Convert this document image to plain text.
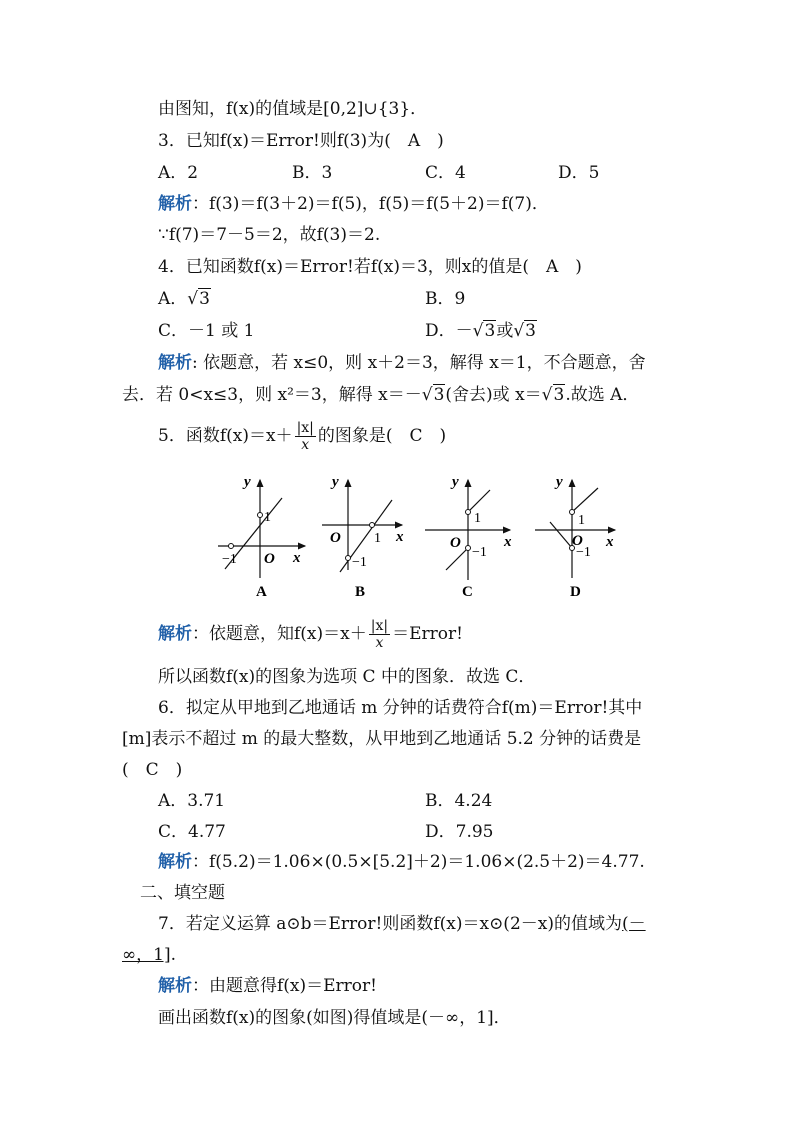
由图知，f(x)的值域是[0,2]∪{3}．
3．已知f(x)＝Error!则f(3)为(　A　)
A．2	B．3	C．4	D．5
解析：f(3)＝f(3＋2)＝f(5)，f(5)＝f(5＋2)＝f(7)．
∵f(7)＝7－5＝2，故f(3)＝2.
4．已知函数f(x)＝Error!若f(x)＝3，则x的值是(　A　)
A．√3	B．9
C．－1 或 1	D．－√3或√3
解析: 依题意，若 x≤0，则 x＋2＝3，解得 x＝1，不合题意，舍
去．若 0<x≤3，则 x²＝3，解得 x＝－√3(舍去)或 x＝√3.故选 A．
5．函数$f(x)=x+ \frac{|x|}{x}$ 的图象是(　C　)
y
x
1
−1 O
A
y
x
1
−1
O
B
y
x
1
−1
O
C
y
x
1
−1
O
D
解析：依题意，知$f(x)=x+ \frac{|x|}{x}$ ＝Error!
所以函数f(x)的图象为选项 C 中的图象．故选 C．
6．拟定从甲地到乙地通话 m 分钟的话费符合f(m)＝Error!其中
[m]表示不超过 m 的最大整数，从甲地到乙地通话 5.2 分钟的话费是
(　C　)
A．3.71	B．4.24
C．4.77	D．7.95
解析：f(5.2)＝1.06×(0.5×[5.2]＋2)＝1.06×(2.5＋2)＝4.77.
二、填空题
7．若定义运算 a⊙b＝Error!则函数f(x)＝x⊙(2－x)的值域为(－
∞，1].
解析：由题意得f(x)＝Error!
画出函数f(x)的图象(如图)得值域是(－∞，1]．
